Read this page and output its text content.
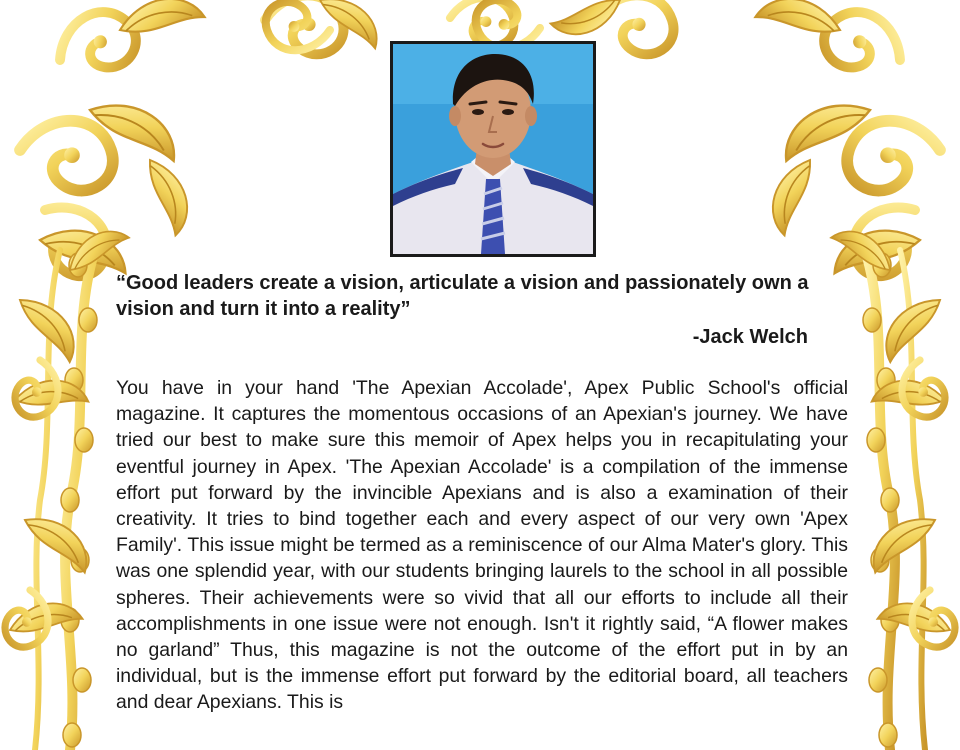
“Good leaders create a vision, articulate a vision and passionately own a vision and turn it into a reality”

-Jack Welch

You have in your hand 'The Apexian Accolade', Apex Public School's official magazine. It captures the momentous occasions of an Apexian's journey. We have tried our best to make sure this memoir of Apex helps you in recapitulating your eventful journey in Apex. 'The Apexian Accolade' is a compilation of the immense effort put forward by the invincible Apexians and is also a examination of their creativity. It tries to bind together each and every aspect of our very own 'Apex Family'. This issue might be termed as a reminiscence of our Alma Mater's glory. This was one splendid year, with our students bringing laurels to the school in all possible spheres. Their achievements were so vivid that all our efforts to include all their accomplishments in one issue were not enough. Isn't it rightly said, “A flower makes no garland” Thus, this magazine is not the outcome of the effort put in by an individual, but is the immense effort put forward by the editorial board, all teachers and dear Apexians. This is
